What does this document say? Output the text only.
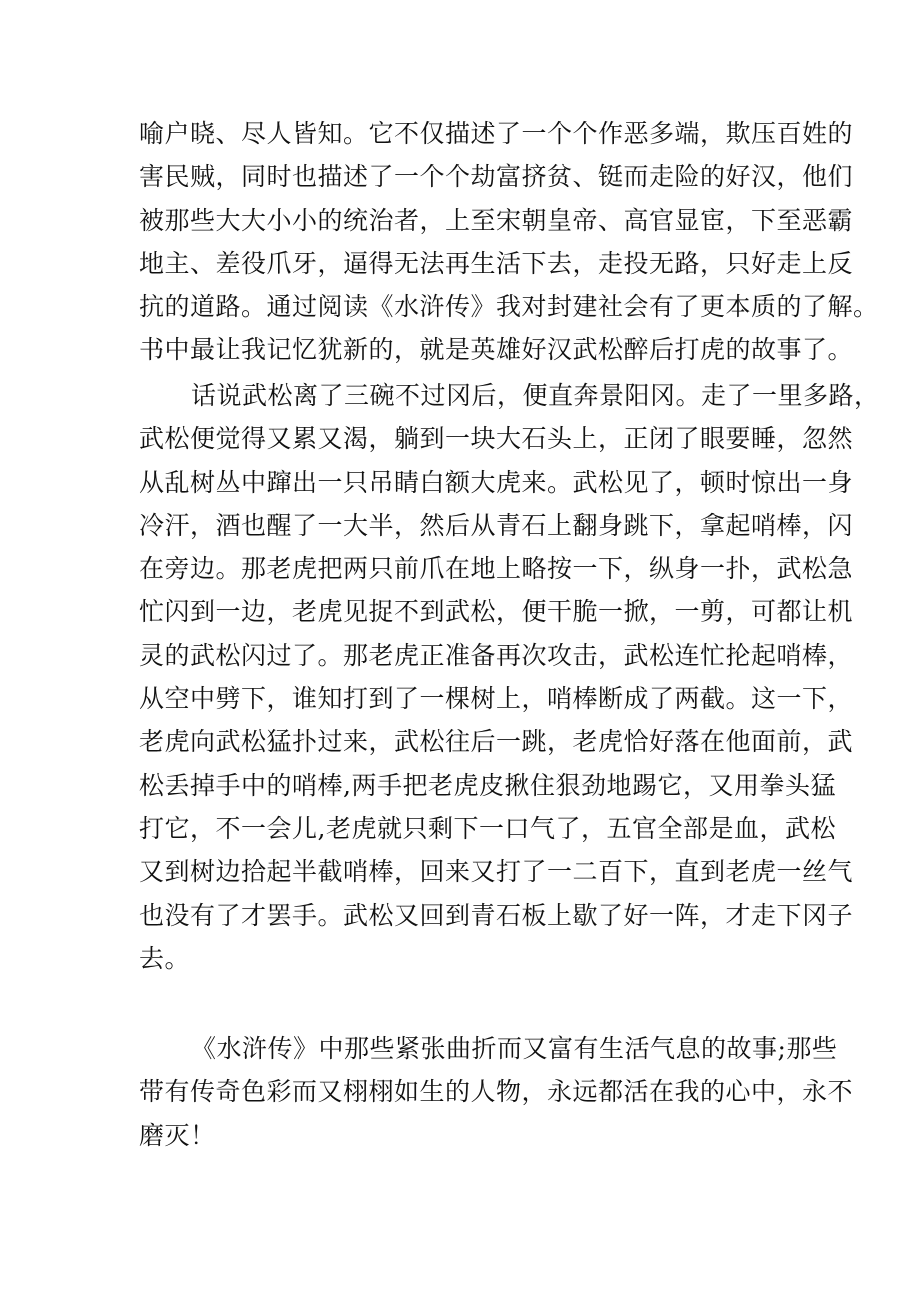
喻户晓、尽人皆知。它不仅描述了一个个作恶多端，欺压百姓的
害民贼，同时也描述了一个个劫富挤贫、铤而走险的好汉，他们
被那些大大小小的统治者，上至宋朝皇帝、高官显宦，下至恶霸
地主、差役爪牙，逼得无法再生活下去，走投无路，只好走上反
抗的道路。通过阅读《水浒传》我对封建社会有了更本质的了解。
书中最让我记忆犹新的，就是英雄好汉武松醉后打虎的故事了。
话说武松离了三碗不过冈后，便直奔景阳冈。走了一里多路，
武松便觉得又累又渴，躺到一块大石头上，正闭了眼要睡，忽然
从乱树丛中蹿出一只吊睛白额大虎来。武松见了，顿时惊出一身
冷汗，酒也醒了一大半，然后从青石上翻身跳下，拿起哨棒，闪
在旁边。那老虎把两只前爪在地上略按一下，纵身一扑，武松急
忙闪到一边，老虎见捉不到武松，便干脆一掀，一剪，可都让机
灵的武松闪过了。那老虎正准备再次攻击，武松连忙抡起哨棒，
从空中劈下，谁知打到了一棵树上，哨棒断成了两截。这一下，
老虎向武松猛扑过来，武松往后一跳，老虎恰好落在他面前，武
松丢掉手中的哨棒,两手把老虎皮揪住狠劲地踢它，又用拳头猛
打它，不一会儿,老虎就只剩下一口气了，五官全部是血，武松
又到树边拾起半截哨棒，回来又打了一二百下，直到老虎一丝气
也没有了才罢手。武松又回到青石板上歇了好一阵，才走下冈子
去。
《水浒传》中那些紧张曲折而又富有生活气息的故事;那些
带有传奇色彩而又栩栩如生的人物，永远都活在我的心中，永不
磨灭！
